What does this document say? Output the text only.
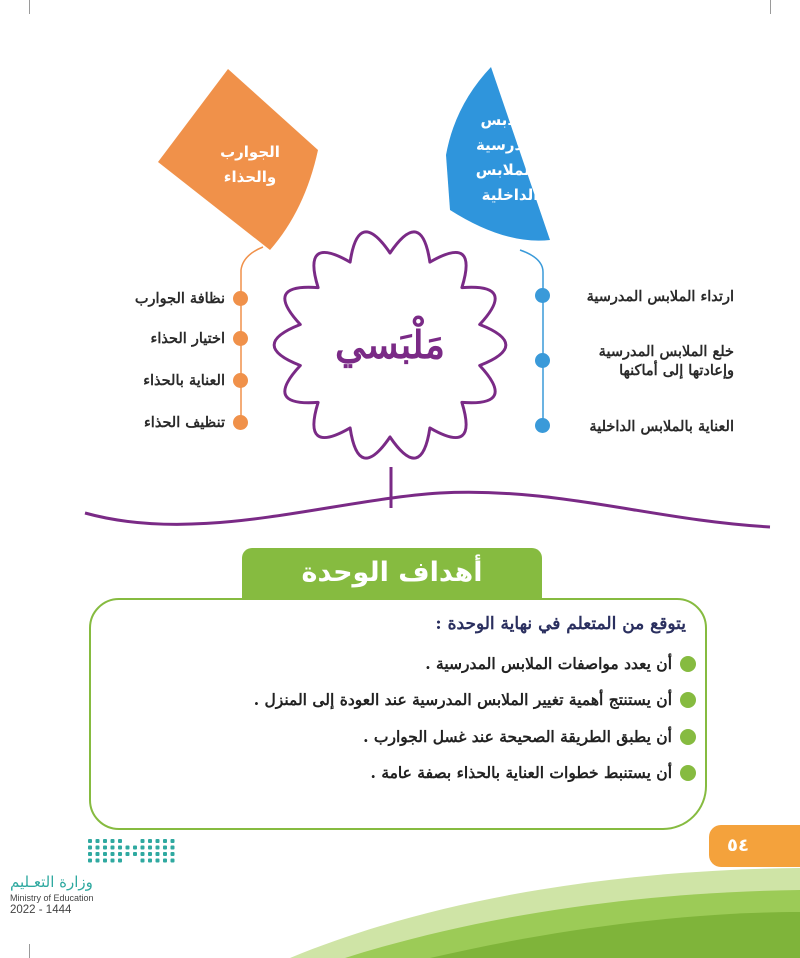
الجوارب
والحذاء
الملابس
المدرسية
والملابس
الداخلية
مَلْبَسي
نظافة الجوارب
اختيار الحذاء
العناية بالحذاء
تنظيف الحذاء
ارتداء الملابس المدرسية
خلع الملابس المدرسية
وإعادتها إلى أماكنها
العناية بالملابس الداخلية
أهداف الوحدة
يتوقع من المتعلم في نهاية الوحدة :
أن يعدد مواصفات الملابس المدرسية .
أن يستنتج أهمية تغيير الملابس المدرسية عند العودة إلى المنزل .
أن يطبق الطريقة الصحيحة عند غسل الجوارب .
أن يستنبط خطوات العناية بالحذاء بصفة عامة .
٥٤
وزارة التعـليم
Ministry of Education
2022 - 1444
